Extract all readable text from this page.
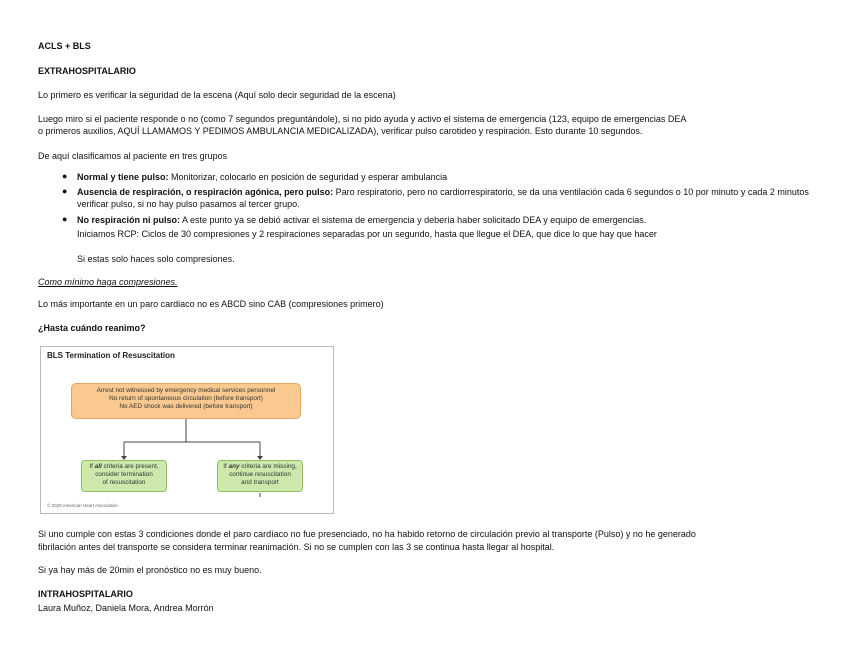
ACLS + BLS
EXTRAHOSPITALARIO
Lo primero es verificar la seguridad de la escena (Aquí solo decir seguridad de la escena)
Luego miro si el paciente responde o no (como 7 segundos preguntándole), si no pido ayuda y activo el sistema de emergencia (123, equipo de emergencias DEA
o primeros auxilios, AQUÍ LLAMAMOS Y PEDIMOS AMBULANCIA MEDICALIZADA), verificar pulso carotideo y respiración. Esto durante 10 segundos.
De aquí clasificamos al paciente en tres grupos
● Normal y tiene pulso: Monitorizar, colocarlo en posición de seguridad y esperar ambulancia
● Ausencia de respiración, o respiración agónica, pero pulso: Paro respiratorio, pero no cardiorrespiratorio, se da una ventilación cada 6 segundos o 10 por minuto y cada 2 minutos verificar pulso, si no hay pulso pasamos al tercer grupo.
● No respiración ni pulso: A este punto ya se debió activar el sistema de emergencia y debería haber solicitado DEA y equipo de emergencias.
Iniciamos RCP: Ciclos de 30 compresiones y 2 respiraciones separadas por un segundo, hasta que llegue el DEA, que dice lo que hay que hacer
Si estas solo haces solo compresiones.
Como mínimo haga compresiones.
Lo más importante en un paro cardiaco no es ABCD sino CAB (compresiones primero)
¿Hasta cuándo reanimo?
BLS Termination of Resuscitation
Arrest not witnessed by emergency medical services personnel
No return of spontaneous circulation (before transport)
No AED shock was delivered (before transport)
If all criteria are present,
consider termination
of resuscitation
If any criteria are missing,
continue resuscitation
and transport
© 2020 American Heart Association
Si uno cumple con estas 3 condiciones donde el paro cardíaco no fue presenciado, no ha habido retorno de circulación previo al transporte (Pulso) y no he generado
fibrilación antes del transporte se considera terminar reanimación. Si no se cumplen con las 3 se continua hasta llegar al hospital.
Si ya hay más de 20min el pronóstico no es muy bueno.
INTRAHOSPITALARIO
Laura Muñoz, Daniela Mora, Andrea Morrón
